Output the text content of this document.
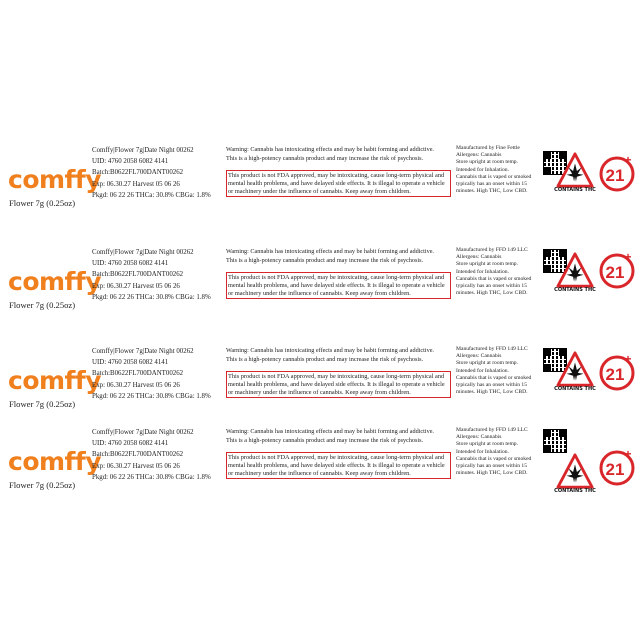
comffy
Flower 7g (0.25oz)
Comffy|Flower 7g|Date Night 00262
UID: 4760 2058 6082 4141
Batch:B0622FL700DANT00262
Exp: 06.30.27 Harvest 05 06 26
Pkgd: 06 22 26 THCa: 30.8% CBGa: 1.8%
Warning: Cannabis has intoxicating effects and may be habit forming and addictive.
This is a high-potency cannabis product and may increase the risk of psychosis.
This product is not FDA approved, may be intoxicating, cause long-term physical and mental health problems, and have delayed side effects. It is illegal to operate a vehicle or machinery under the influence of cannabis. Keep away from children.
Manufactured by Fine Fettle
Allergens: Cannabis
Store upright at room temp.
Intended for Inhalation.
Cannabis that is vaped or smoked typically has an onset within 15 minutes. High THC, Low CBD.	CONTAINS THC
21
+
comffy
Flower 7g (0.25oz)
Comffy|Flower 7g|Date Night 00262
UID: 4760 2058 6082 4141
Batch:B0622FL700DANT00262
Exp: 06.30.27 Harvest 05 06 26
Pkgd: 06 22 26 THCa: 30.8% CBGa: 1.8%
Warning: Cannabis has intoxicating effects and may be habit forming and addictive.
This is a high-potency cannabis product and may increase the risk of psychosis.
This product is not FDA approved, may be intoxicating, cause long-term physical and mental health problems, and have delayed side effects. It is illegal to operate a vehicle or machinery under the influence of cannabis. Keep away from children.
Manufactured by FFD 149 LLC
Allergens: Cannabis
Store upright at room temp.
Intended for Inhalation.
Cannabis that is vaped or smoked typically has an onset within 15 minutes. High THC, Low CBD.
CONTAINS THC
21
+
comffy
Flower 7g (0.25oz)
Comffy|Flower 7g|Date Night 00262
UID: 4760 2058 6082 4141
Batch:B0622FL700DANT00262
Exp: 06.30.27 Harvest 05 06 26
Pkgd: 06 22 26 THCa: 30.8% CBGa: 1.8%
Warning: Cannabis has intoxicating effects and may be habit forming and addictive.
This is a high-potency cannabis product and may increase the risk of psychosis.
This product is not FDA approved, may be intoxicating, cause long-term physical and mental health problems, and have delayed side effects. It is illegal to operate a vehicle or machinery under the influence of cannabis. Keep away from children.
Manufactured by FFD 149 LLC
Allergens: Cannabis
Store upright at room temp.
Intended for Inhalation.
Cannabis that is vaped or smoked typically has an onset within 15 minutes. High THC, Low CBD.
CONTAINS THC
21
+
comffy
Flower 7g (0.25oz)
Comffy|Flower 7g|Date Night 00262
UID: 4760 2058 6082 4141
Batch:B0622FL700DANT00262
Exp: 06.30.27 Harvest 05 06 26
Pkgd: 06 22 26 THCa: 30.8% CBGa: 1.8%
Warning: Cannabis has intoxicating effects and may be habit forming and addictive.
This is a high-potency cannabis product and may increase the risk of psychosis.
This product is not FDA approved, may be intoxicating, cause long-term physical and mental health problems, and have delayed side effects. It is illegal to operate a vehicle or machinery under the influence of cannabis. Keep away from children.
Manufactured by FFD 149 LLC
Allergens: Cannabis
Store upright at room temp.
Intended for Inhalation.
Cannabis that is vaped or smoked typically has an onset within 15 minutes. High THC, Low CBD.
CONTAINS THC
21
+
